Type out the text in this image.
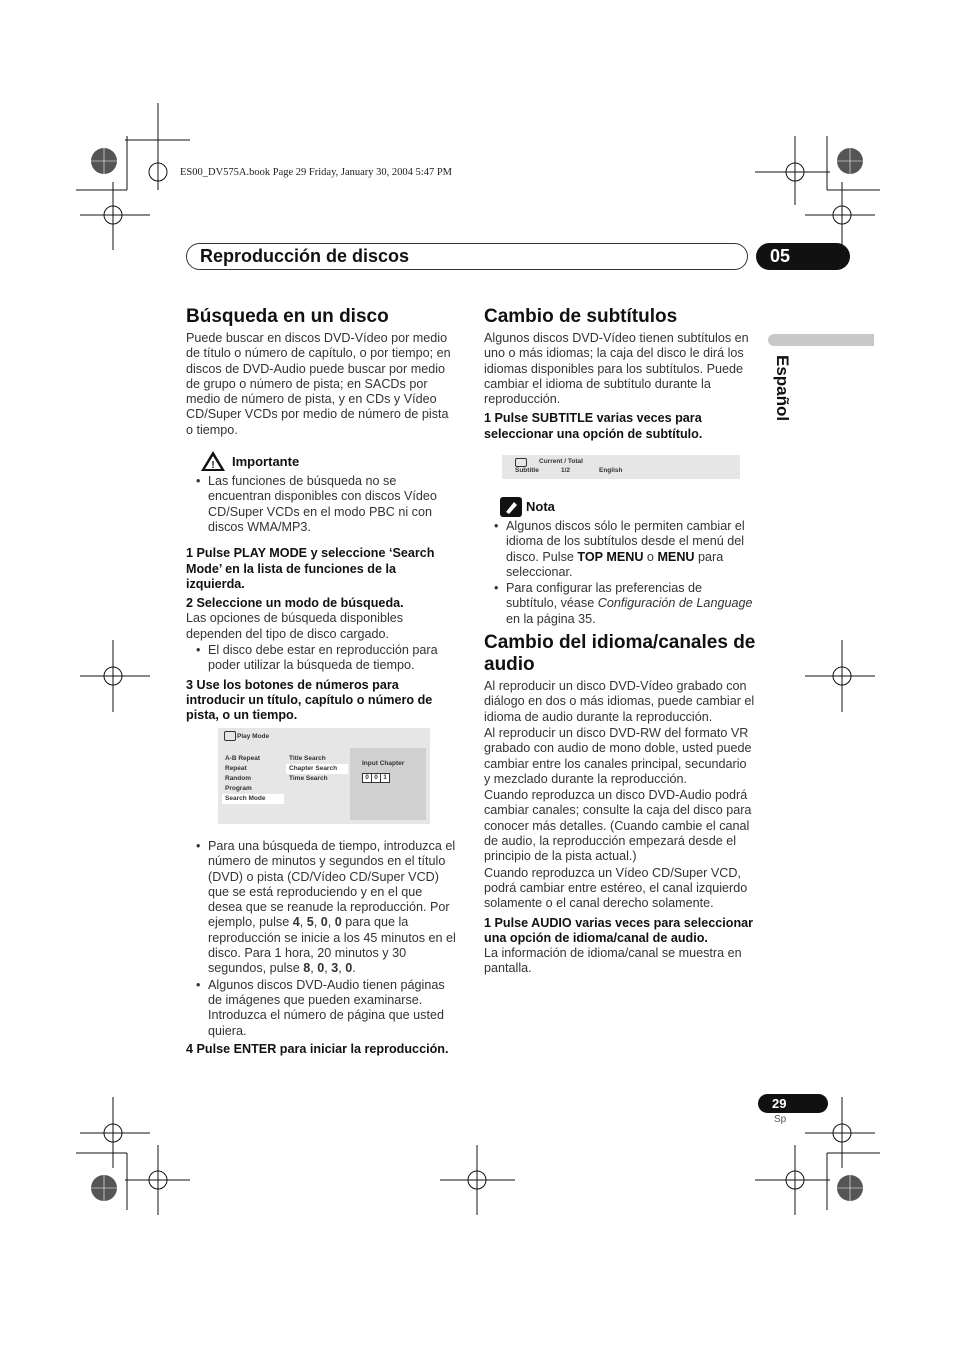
ES00_DV575A.book Page 29 Friday, January 30, 2004 5:47 PM
Reproducción de discos	05
Español
Búsqueda en un disco

Puede buscar en discos DVD-Vídeo por medio de título o número de capítulo, o por tiempo; en discos de DVD-Audio puede buscar por medio de grupo o número de pista; en SACDs por medio de número de pista, y en CDs y Vídeo CD/Super VCDs por medio de número de pista o tiempo.

! Importante

• Las funciones de búsqueda no se encuentran disponibles con discos Vídeo CD/Super VCDs en el modo PBC ni con discos WMA/MP3.

1 Pulse PLAY MODE y seleccione ‘Search Mode’ en la lista de funciones de la izquierda.

2 Seleccione un modo de búsqueda.

Las opciones de búsqueda disponibles dependen del tipo de disco cargado.

• El disco debe estar en reproducción para poder utilizar la búsqueda de tiempo.

3 Use los botones de números para introducir un título, capítulo o número de pista, o un tiempo.

Play Mode
A-B Repeat
Repeat
Random
Program
Search Mode
Title Search
Chapter Search
Time Search
Input Chapter
0 0 1

• Para una búsqueda de tiempo, introduzca el número de minutos y segundos en el título (DVD) o pista (CD/Vídeo CD/Super VCD) que se está reproduciendo y en el que desea que se reanude la reproducción. Por ejemplo, pulse 4, 5, 0, 0 para que la reproducción se inicie a los 45 minutos en el disco. Para 1 hora, 20 minutos y 30 segundos, pulse 8, 0, 3, 0.

• Algunos discos DVD-Audio tienen páginas de imágenes que pueden examinarse. Introduzca el número de página que usted quiera.

4 Pulse ENTER para iniciar la reproducción.

Cambio de subtítulos

Algunos discos DVD-Vídeo tienen subtítulos en uno o más idiomas; la caja del disco le dirá los idiomas disponibles para los subtítulos. Puede cambiar el idioma de subtítulo durante la reproducción.

1 Pulse SUBTITLE varias veces para seleccionar una opción de subtítulo.

Current / Total
Subtitle	1/2	English
Nota

• Algunos discos sólo le permiten cambiar el idioma de los subtítulos desde el menú del disco. Pulse TOP MENU o MENU para seleccionar.

• Para configurar las preferencias de subtítulo, véase Configuración de Language en la página 35.

Cambio del idioma/canales de audio

Al reproducir un disco DVD-Vídeo grabado con diálogo en dos o más idiomas, puede cambiar el idioma de audio durante la reproducción.

Al reproducir un disco DVD-RW del formato VR grabado con audio de mono doble, usted puede cambiar entre los canales principal, secundario y mezclado durante la reproducción.

Cuando reproduzca un disco DVD-Audio podrá cambiar canales; consulte la caja del disco para conocer más detalles. (Cuando cambie el canal de audio, la reproducción empezará desde el principio de la pista actual.)

Cuando reproduzca un Vídeo CD/Super VCD, podrá cambiar entre estéreo, el canal izquierdo solamente o el canal derecho solamente.

1 Pulse AUDIO varias veces para seleccionar una opción de idioma/canal de audio.

La información de idioma/canal se muestra en pantalla.

29
Sp
